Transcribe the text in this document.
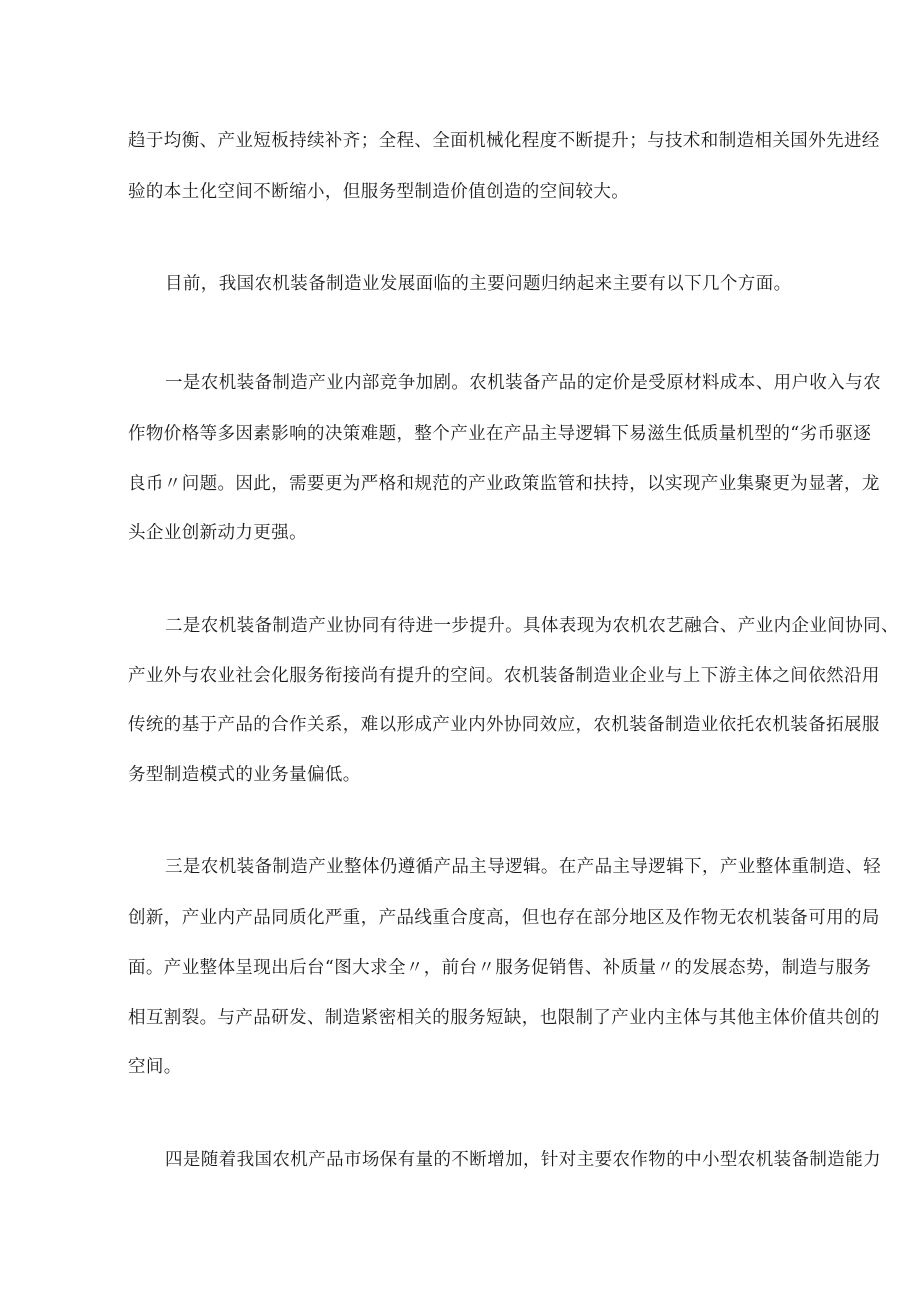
趋于均衡、产业短板持续补齐；全程、全面机械化程度不断提升；与技术和制造相关国外先进经
验的本土化空间不断缩小，但服务型制造价值创造的空间较大。
目前，我国农机装备制造业发展面临的主要问题归纳起来主要有以下几个方面。
一是农机装备制造产业内部竞争加剧。农机装备产品的定价是受原材料成本、用户收入与农
作物价格等多因素影响的决策难题，整个产业在产品主导逻辑下易滋生低质量机型的“劣币驱逐
良币〃问题。因此，需要更为严格和规范的产业政策监管和扶持，以实现产业集聚更为显著，龙
头企业创新动力更强。
二是农机装备制造产业协同有待进一步提升。具体表现为农机农艺融合、产业内企业间协同、
产业外与农业社会化服务衔接尚有提升的空间。农机装备制造业企业与上下游主体之间依然沿用
传统的基于产品的合作关系，难以形成产业内外协同效应，农机装备制造业依托农机装备拓展服
务型制造模式的业务量偏低。
三是农机装备制造产业整体仍遵循产品主导逻辑。在产品主导逻辑下，产业整体重制造、轻
创新，产业内产品同质化严重，产品线重合度高，但也存在部分地区及作物无农机装备可用的局
面。产业整体呈现出后台“图大求全〃，前台〃服务促销售、补质量〃的发展态势，制造与服务
相互割裂。与产品研发、制造紧密相关的服务短缺，也限制了产业内主体与其他主体价值共创的
空间。
四是随着我国农机产品市场保有量的不断增加，针对主要农作物的中小型农机装备制造能力
